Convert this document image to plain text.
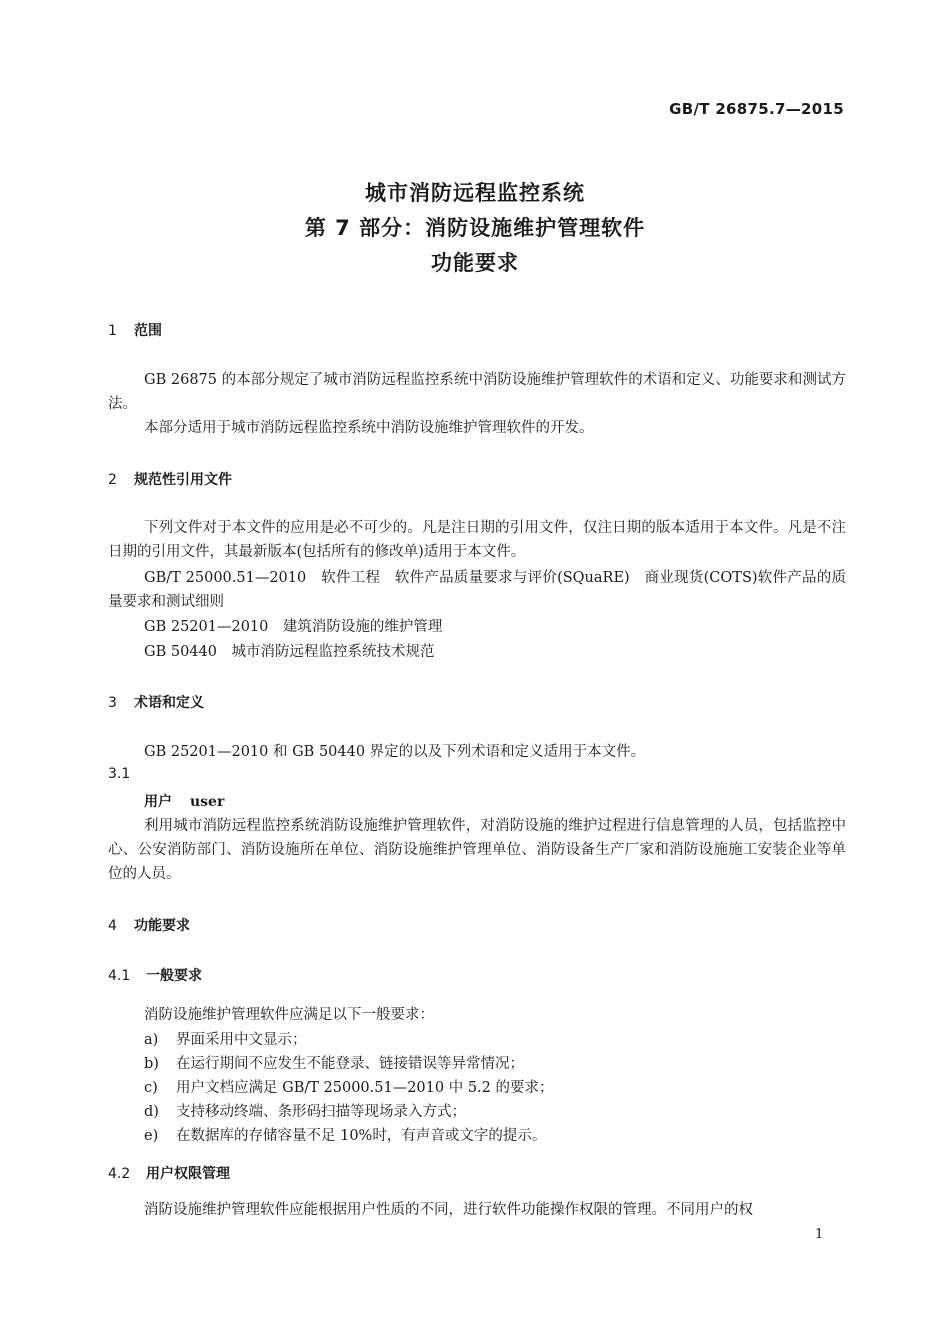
GB/T 26875.7—2015
城市消防远程监控系统
第 7 部分：消防设施维护管理软件
功能要求
1 范围
GB 26875 的本部分规定了城市消防远程监控系统中消防设施维护管理软件的术语和定义、功能要求和测试方法。
本部分适用于城市消防远程监控系统中消防设施维护管理软件的开发。
2 规范性引用文件
下列文件对于本文件的应用是必不可少的。凡是注日期的引用文件，仅注日期的版本适用于本文件。凡是不注日期的引用文件，其最新版本(包括所有的修改单)适用于本文件。
GB/T 25000.51—2010　软件工程　软件产品质量要求与评价(SQuaRE)　商业现货(COTS)软件产品的质量要求和测试细则
GB 25201—2010　建筑消防设施的维护管理
GB 50440　城市消防远程监控系统技术规范
3 术语和定义
GB 25201—2010 和 GB 50440 界定的以及下列术语和定义适用于本文件。
3.1
用户 user
利用城市消防远程监控系统消防设施维护管理软件，对消防设施的维护过程进行信息管理的人员，包括监控中心、公安消防部门、消防设施所在单位、消防设施维护管理单位、消防设备生产厂家和消防设施施工安装企业等单位的人员。
4 功能要求
4.1 一般要求
消防设施维护管理软件应满足以下一般要求：
a) 界面采用中文显示；
b) 在运行期间不应发生不能登录、链接错误等异常情况；
c) 用户文档应满足 GB/T 25000.51—2010 中 5.2 的要求；
d) 支持移动终端、条形码扫描等现场录入方式；
e) 在数据库的存储容量不足 10%时，有声音或文字的提示。
4.2 用户权限管理
消防设施维护管理软件应能根据用户性质的不同，进行软件功能操作权限的管理。不同用户的权
1
